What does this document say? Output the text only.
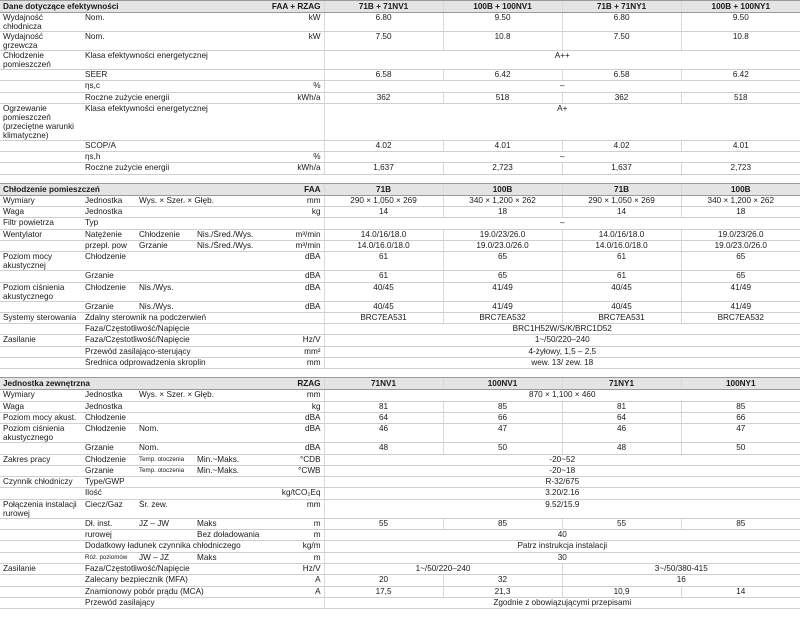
Dane dotyczące efektywności				FAA + RZAG	71B + 71NV1	100B + 100NV1	71B + 71NY1	100B + 100NY1
Wydajność chłodnicza	Nom.			kW	6.80	9.50	6.80	9.50
Wydajność grzewcza	Nom.			kW	7.50	10.8	7.50	10.8
Chłodzenie pomieszczeń	Klasa efektywności energetycznej				A++			
	SEER				6.58	6.42	6.58	6.42
	ηs,c			%	–			
	Roczne zużycie energii			kWh/a	362	518	362	518
Ogrzewanie pomieszczeń (przeciętne warunki klimatyczne)	Klasa efektywności energetycznej				A+			
	SCOP/A				4.02	4.01	4.02	4.01
	ηs,h			%	–			
	Roczne zużycie energii			kWh/a	1,637	2,723	1,637	2,723

Chłodzenie pomieszczeń				FAA	71B	100B	71B	100B
Wymiary	Jednostka	Wys. × Szer. × Głęb.		mm	290 × 1,050 × 269	340 × 1,200 × 262	290 × 1,050 × 269	340 × 1,200 × 262
Waga	Jednostka			kg	14	18	14	18
Filtr powietrza	Typ				–			
Wentylator	Natężenie	Chłodzenie	Nis./Śred./Wys.	m³/min	14.0/16/18.0	19.0/23/26.0	14.0/16/18.0	19.0/23/26.0
	przepł. pow	Grzanie	Nis./Śred./Wys.	m³/min	14.0/16.0/18.0	19.0/23.0/26.0	14.0/16.0/18.0	19.0/23.0/26.0
Poziom mocy akustycznej	Chłodzenie			dBA	61	65	61	65
	Grzanie			dBA	61	65	61	65
Poziom ciśnienia akustycznego	Chłodzenie	Nis./Wys.		dBA	40/45	41/49	40/45	41/49
	Grzanie	Nis./Wys.		dBA	40/45	41/49	40/45	41/49
Systemy sterowania	Zdalny sterownik na podczerwień				BRC7EA531	BRC7EA532	BRC7EA531	BRC7EA532
	Faza/Częstotliwość/Napięcie				BRC1H52W/S/K/BRC1D52			
Zasilanie	Faza/Częstotliwość/Napięcie			Hz/V	1~/50/220–240			
	Przewód zasilająco-sterujący			mm²	4-żyłowy, 1,5 – 2,5			
	Średnica odprowadzenia skroplin			mm	wew. 13/ zew. 18			

Jednostka zewnętrzna				RZAG	71NV1	100NV1	71NY1	100NY1
Wymiary	Jednostka	Wys. × Szer. × Głęb.		mm	870 × 1,100 × 460			
Waga	Jednostka			kg	81	85	81	85
Poziom mocy akust.	Chłodzenie			dBA	64	66	64	66
Poziom ciśnienia akustycznego	Chłodzenie	Nom.		dBA	46	47	46	47
	Grzanie	Nom.		dBA	48	50	48	50
Zakres pracy	Chłodzenie	Temp. otoczenia	Min.~Maks.	°CDB	-20~52			
	Grzanie	Temp. otoczenia	Min.~Maks.	°CWB	-20~18			
Czynnik chłodniczy	Type/GWP				R-32/675			
	Ilość			kg/tCO₂Eq	3.20/2.16			
Połączenia instalacji rurowej	Ciecz/Gaz	Śr. zew.		mm	9.52/15.9			
	Dł. inst.	JZ – JW	Maks	m	55	85	55	85
	rurowej		Bez doładowania	m	40			
	Dodatkowy ładunek czynnika chłodniczego			kg/m	Patrz instrukcja instalacji			
	Róż. poziomów	JW – JZ	Maks	m	30			
Zasilanie	Faza/Częstotliwość/Napięcie			Hz/V	1~/50/220–240		3~/50/380-415	
	Zalecany bezpiecznik (MFA)			A	20	32	16	
	Znamionowy pobór prądu (MCA)			A	17,5	21,3	10,9	14
	Przewód zasilający				Zgodnie z obowiązującymi przepisami			
